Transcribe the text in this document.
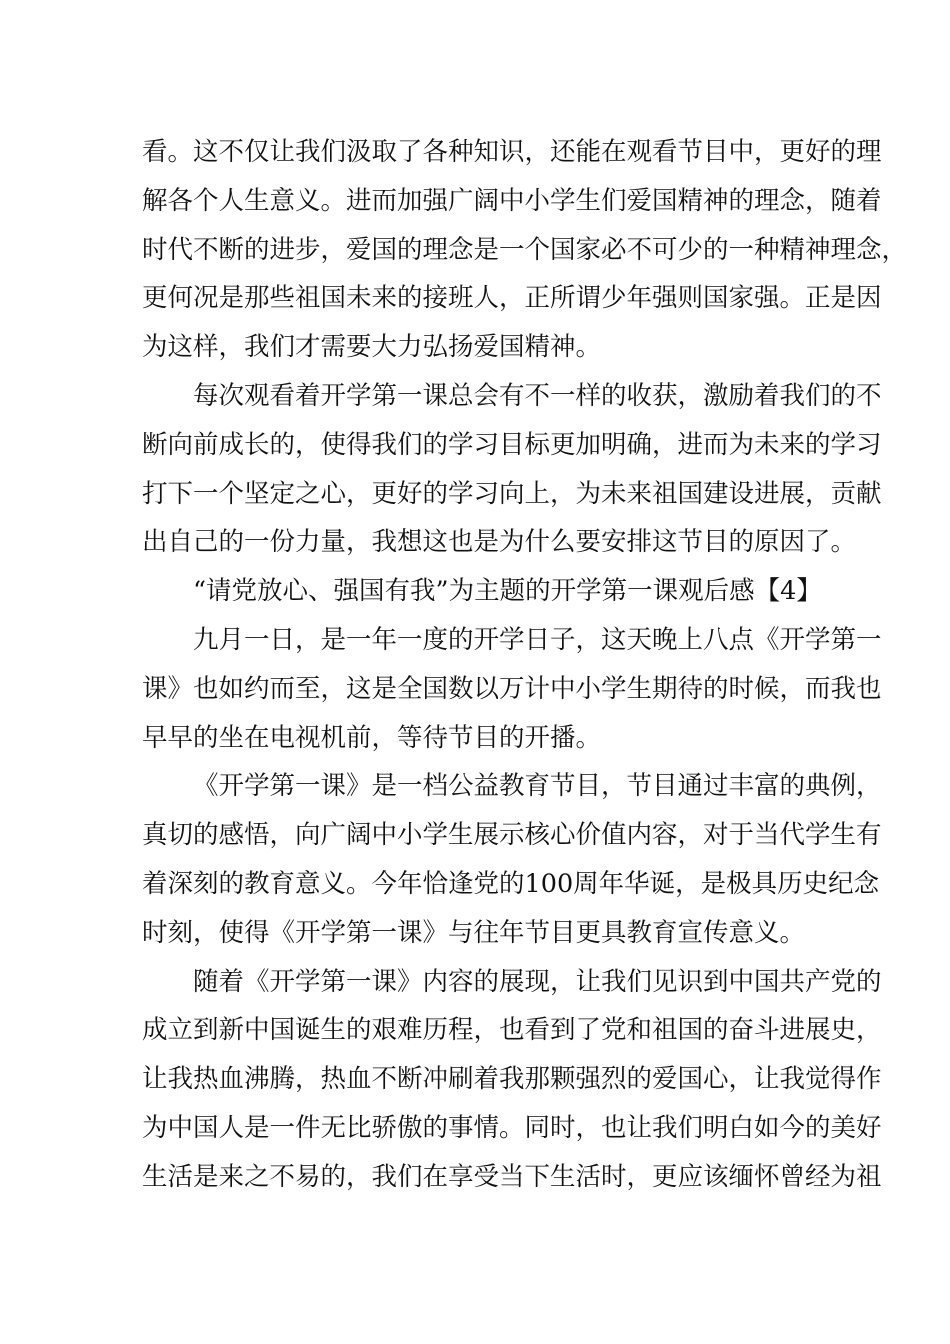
看。这不仅让我们汲取了各种知识，还能在观看节目中，更好的理
解各个人生意义。进而加强广阔中小学生们爱国精神的理念，随着
时代不断的进步，爱国的理念是一个国家必不可少的一种精神理念，
更何况是那些祖国未来的接班人，正所谓少年强则国家强。正是因
为这样，我们才需要大力弘扬爱国精神。
每次观看着开学第一课总会有不一样的收获，激励着我们的不
断向前成长的，使得我们的学习目标更加明确，进而为未来的学习
打下一个坚定之心，更好的学习向上，为未来祖国建设进展，贡献
出自己的一份力量，我想这也是为什么要安排这节目的原因了。
“请党放心、强国有我”为主题的开学第一课观后感【4】
九月一日，是一年一度的开学日子，这天晚上八点《开学第一
课》也如约而至，这是全国数以万计中小学生期待的时候，而我也
早早的坐在电视机前，等待节目的开播。
《开学第一课》是一档公益教育节目，节目通过丰富的典例，
真切的感悟，向广阔中小学生展示核心价值内容，对于当代学生有
着深刻的教育意义。今年恰逢党的100周年华诞，是极具历史纪念
时刻，使得《开学第一课》与往年节目更具教育宣传意义。
随着《开学第一课》内容的展现，让我们见识到中国共产党的
成立到新中国诞生的艰难历程，也看到了党和祖国的奋斗进展史，
让我热血沸腾，热血不断冲刷着我那颗强烈的爱国心，让我觉得作
为中国人是一件无比骄傲的事情。同时，也让我们明白如今的美好
生活是来之不易的，我们在享受当下生活时，更应该缅怀曾经为祖
